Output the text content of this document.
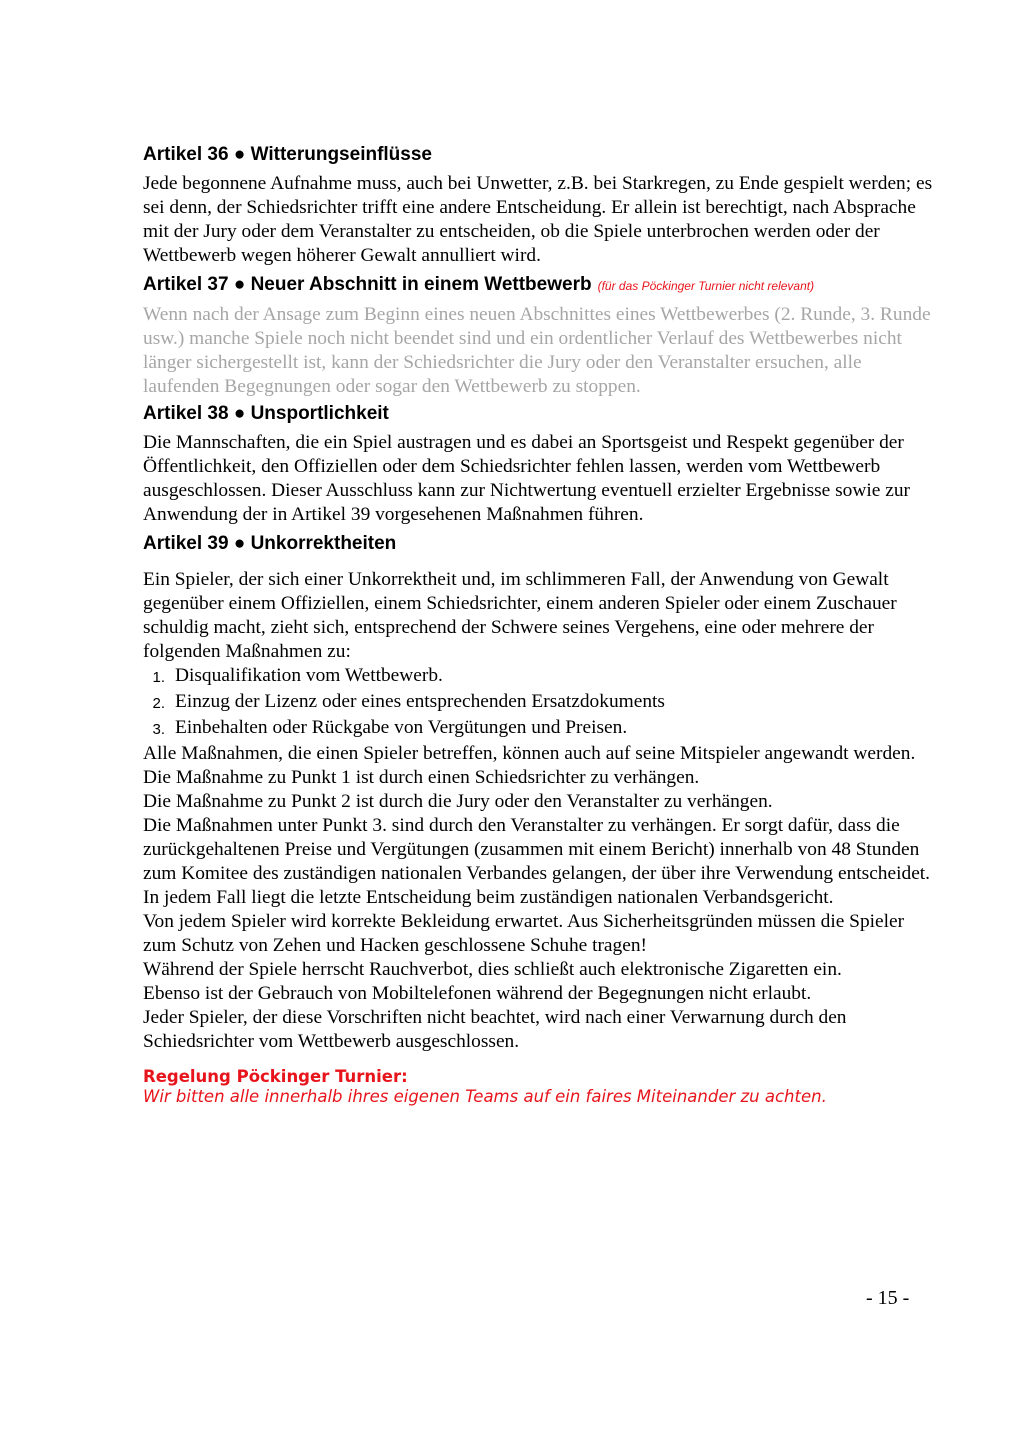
Artikel 36 ● Witterungseinflüsse

Jede begonnene Aufnahme muss, auch bei Unwetter, z.B. bei Starkregen, zu Ende gespielt werden; es sei denn, der Schiedsrichter trifft eine andere Entscheidung. Er allein ist berechtigt, nach Absprache mit der Jury oder dem Veranstalter zu entscheiden, ob die Spiele unterbrochen werden oder der Wettbewerb wegen höherer Gewalt annulliert wird.

Artikel 37 ● Neuer Abschnitt in einem Wettbewerb (für das Pöckinger Turnier nicht relevant)

Wenn nach der Ansage zum Beginn eines neuen Abschnittes eines Wettbewerbes (2. Runde, 3. Runde usw.) manche Spiele noch nicht beendet sind und ein ordentlicher Verlauf des Wettbewerbes nicht länger sichergestellt ist, kann der Schiedsrichter die Jury oder den Veranstalter ersuchen, alle laufenden Begegnungen oder sogar den Wettbewerb zu stoppen.

Artikel 38 ● Unsportlichkeit

Die Mannschaften, die ein Spiel austragen und es dabei an Sportsgeist und Respekt gegenüber der Öffentlichkeit, den Offiziellen oder dem Schiedsrichter fehlen lassen, werden vom Wettbewerb ausgeschlossen. Dieser Ausschluss kann zur Nichtwertung eventuell erzielter Ergebnisse sowie zur Anwendung der in Artikel 39 vorgesehenen Maßnahmen führen.

Artikel 39 ● Unkorrektheiten

Ein Spieler, der sich einer Unkorrektheit und, im schlimmeren Fall, der Anwendung von Gewalt gegenüber einem Offiziellen, einem Schiedsrichter, einem anderen Spieler oder einem Zuschauer schuldig macht, zieht sich, entsprechend der Schwere seines Vergehens, eine oder mehrere der folgenden Maßnahmen zu:

1. Disqualifikation vom Wettbewerb.
2. Einzug der Lizenz oder eines entsprechenden Ersatzdokuments
3. Einbehalten oder Rückgabe von Vergütungen und Preisen.
Alle Maßnahmen, die einen Spieler betreffen, können auch auf seine Mitspieler angewandt werden.
Die Maßnahme zu Punkt 1 ist durch einen Schiedsrichter zu verhängen.
Die Maßnahme zu Punkt 2 ist durch die Jury oder den Veranstalter zu verhängen.
Die Maßnahmen unter Punkt 3. sind durch den Veranstalter zu verhängen. Er sorgt dafür, dass die zurückgehaltenen Preise und Vergütungen (zusammen mit einem Bericht) innerhalb von 48 Stunden zum Komitee des zuständigen nationalen Verbandes gelangen, der über ihre Verwendung entscheidet.
In jedem Fall liegt die letzte Entscheidung beim zuständigen nationalen Verbandsgericht.
Von jedem Spieler wird korrekte Bekleidung erwartet. Aus Sicherheitsgründen müssen die Spieler zum Schutz von Zehen und Hacken geschlossene Schuhe tragen!
Während der Spiele herrscht Rauchverbot, dies schließt auch elektronische Zigaretten ein.
Ebenso ist der Gebrauch von Mobiltelefonen während der Begegnungen nicht erlaubt.
Jeder Spieler, der diese Vorschriften nicht beachtet, wird nach einer Verwarnung durch den Schiedsrichter vom Wettbewerb ausgeschlossen.
Regelung Pöckinger Turnier:
Wir bitten alle innerhalb ihres eigenen Teams auf ein faires Miteinander zu achten.
- 15 -
